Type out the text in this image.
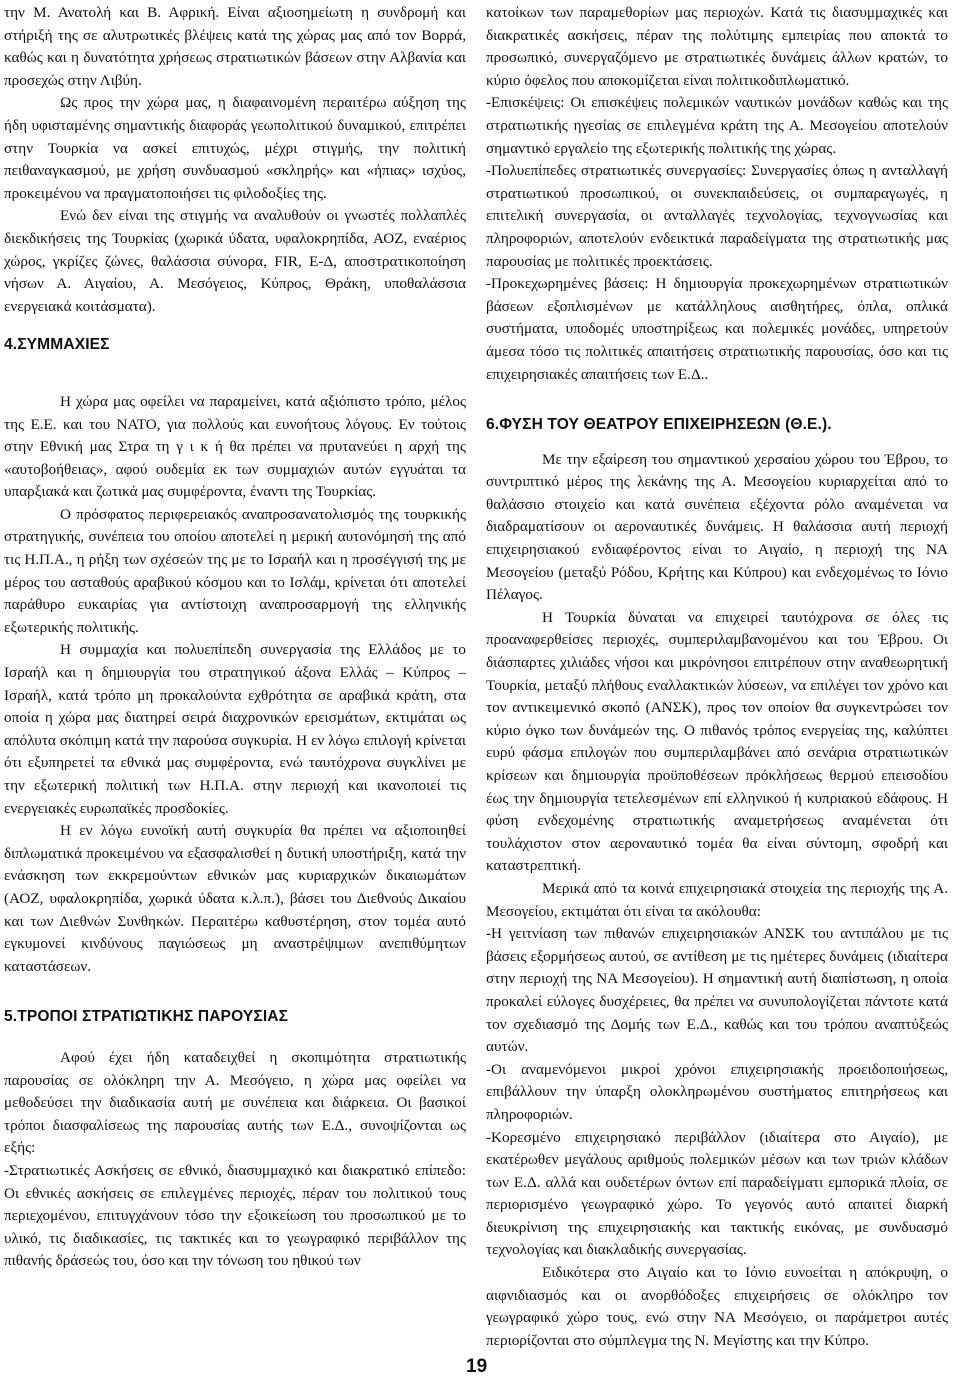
την Μ. Ανατολή και Β. Αφρική. Είναι αξιοσημείωτη η συνδρομή και στήριξή της σε αλυτρωτικές βλέψεις κατά της χώρας μας από τον Βορρά, καθώς και η δυνατότητα χρήσεως στρατιωτικών βάσεων στην Αλβανία και προσεχώς στην Λιβύη.

Ως προς την χώρα μας, η διαφαινομένη περαιτέρω αύξηση της ήδη υφισταμένης σημαντικής διαφοράς γεωπολιτικού δυναμικού, επιτρέπει στην Τουρκία να ασκεί επιτυχώς, μέχρι στιγμής, την πολιτική πειθαναγκασμού, με χρήση συνδυασμού «σκληρής» και «ήπιας» ισχύος, προκειμένου να πραγματοποιήσει τις φιλοδοξίες της.

Ενώ δεν είναι της στιγμής να αναλυθούν οι γνωστές πολλαπλές διεκδικήσεις της Τουρκίας (χωρικά ύδατα, υφαλοκρηπίδα, ΑΟΖ, εναέριος χώρος, γκρίζες ζώνες, θαλάσσια σύνορα, FIR, Ε-Δ, αποστρατικοποίηση νήσων Α. Αιγαίου, Α. Μεσόγειος, Κύπρος, Θράκη, υποθαλάσσια ενεργειακά κοιτάσματα).

4.ΣΥΜΜΑΧΙΕΣ

Η χώρα μας οφείλει να παραμείνει, κατά αξιόπιστο τρόπο, μέλος της Ε.Ε. και του ΝΑΤΟ, για πολλούς και ευνοήτους λόγους. Εν τούτοις στην Εθνική μας Στρα τη γ ι κ ή θα πρέπει να πρυτανεύει η αρχή της «αυτοβοήθειας», αφού ουδεμία εκ των συμμαχιών αυτών εγγυάται τα υπαρξιακά και ζωτικά μας συμφέροντα, έναντι της Τουρκίας.

Ο πρόσφατος περιφερειακός αναπροσανατολισμός της τουρκικής στρατηγικής, συνέπεια του οποίου αποτελεί η μερική αυτονόμησή της από τις Η.Π.Α., η ρήξη των σχέσεών της με το Ισραήλ και η προσέγγισή της με μέρος του ασταθούς αραβικού κόσμου και το Ισλάμ, κρίνεται ότι αποτελεί παράθυρο ευκαιρίας για αντίστοιχη αναπροσαρμογή της ελληνικής εξωτερικής πολιτικής.

Η συμμαχία και πολυεπίπεδη συνεργασία της Ελλάδος με το Ισραήλ και η δημιουργία του στρατηγικού άξονα Ελλάς – Κύπρος – Ισραήλ, κατά τρόπο μη προκαλούντα εχθρότητα σε αραβικά κράτη, στα οποία η χώρα μας διατηρεί σειρά διαχρονικών ερεισμάτων, εκτιμάται ως απόλυτα σκόπιμη κατά την παρούσα συγκυρία. Η εν λόγω επιλογή κρίνεται ότι εξυπηρετεί τα εθνικά μας συμφέροντα, ενώ ταυτόχρονα συγκλίνει με την εξωτερική πολιτική των Η.Π.Α. στην περιοχή και ικανοποιεί τις ενεργειακές ευρωπαϊκές προσδοκίες.

Η εν λόγω ευνοϊκή αυτή συγκυρία θα πρέπει να αξιοποιηθεί διπλωματικά προκειμένου να εξασφαλισθεί η δυτική υποστήριξη, κατά την ενάσκηση των εκκρεμούντων εθνικών μας κυριαρχικών δικαιωμάτων (ΑΟΖ, υφαλοκρηπίδα, χωρικά ύδατα κ.λ.π.), βάσει του Διεθνούς Δικαίου και των Διεθνών Συνθηκών. Περαιτέρω καθυστέρηση, στον τομέα αυτό εγκυμονεί κινδύνους παγιώσεως μη αναστρέψιμων ανεπιθύμητων καταστάσεων.

5.ΤΡΟΠΟΙ ΣΤΡΑΤΙΩΤΙΚΗΣ ΠΑΡΟΥΣΙΑΣ

Αφού έχει ήδη καταδειχθεί η σκοπιμότητα στρατιωτικής παρουσίας σε ολόκληρη την Α. Μεσόγειο, η χώρα μας οφείλει να μεθοδεύσει την διαδικασία αυτή με συνέπεια και διάρκεια. Οι βασικοί τρόποι διασφαλίσεως της παρουσίας αυτής των Ε.Δ., συνοψίζονται ως εξής:

-Στρατιωτικές Ασκήσεις σε εθνικό, διασυμμαχικό και διακρατικό επίπεδο: Οι εθνικές ασκήσεις σε επιλεγμένες περιοχές, πέραν του πολιτικού τους περιεχομένου, επιτυγχάνουν τόσο την εξοικείωση του προσωπικού με το υλικό, τις διαδικασίες, τις τακτικές και το γεωγραφικό περιβάλλον της πιθανής δράσεώς του, όσο και την τόνωση του ηθικού των

κατοίκων των παραμεθορίων μας περιοχών. Κατά τις διασυμμαχικές και διακρατικές ασκήσεις, πέραν της πολύτιμης εμπειρίας που αποκτά το προσωπικό, συνεργαζόμενο με στρατιωτικές δυνάμεις άλλων κρατών, το κύριο όφελος που αποκομίζεται είναι πολιτικοδιπλωματικό.

-Επισκέψεις: Οι επισκέψεις πολεμικών ναυτικών μονάδων καθώς και της στρατιωτικής ηγεσίας σε επιλεγμένα κράτη της Α. Μεσογείου αποτελούν σημαντικό εργαλείο της εξωτερικής πολιτικής της χώρας.

-Πολυεπίπεδες στρατιωτικές συνεργασίες: Συνεργασίες όπως η ανταλλαγή στρατιωτικού προσωπικού, οι συνεκπαιδεύσεις, οι συμπαραγωγές, η επιτελική συνεργασία, οι ανταλλαγές τεχνολογίας, τεχνογνωσίας και πληροφοριών, αποτελούν ενδεικτικά παραδείγματα της στρατιωτικής μας παρουσίας με πολιτικές προεκτάσεις.

-Προκεχωρημένες βάσεις: Η δημιουργία προκεχωρημένων στρατιωτικών βάσεων εξοπλισμένων με κατάλληλους αισθητήρες, όπλα, οπλικά συστήματα, υποδομές υποστηρίξεως και πολεμικές μονάδες, υπηρετούν άμεσα τόσο τις πολιτικές απαιτήσεις στρατιωτικής παρουσίας, όσο και τις επιχειρησιακές απαιτήσεις των Ε.Δ..

6.ΦΥΣΗ ΤΟΥ ΘΕΑΤΡΟΥ ΕΠΙΧΕΙΡΗΣΕΩΝ (Θ.Ε.).

Με την εξαίρεση του σημαντικού χερσαίου χώρου του Έβρου, το συντριπτικό μέρος της λεκάνης της Α. Μεσογείου κυριαρχείται από το θαλάσσιο στοιχείο και κατά συνέπεια εξέχοντα ρόλο αναμένεται να διαδραματίσουν οι αεροναυτικές δυνάμεις. Η θαλάσσια αυτή περιοχή επιχειρησιακού ενδιαφέροντος είναι το Αιγαίο, η περιοχή της ΝΑ Μεσογείου (μεταξύ Ρόδου, Κρήτης και Κύπρου) και ενδεχομένως το Ιόνιο Πέλαγος.

Η Τουρκία δύναται να επιχειρεί ταυτόχρονα σε όλες τις προαναφερθείσες περιοχές, συμπεριλαμβανομένου και του Έβρου. Οι διάσπαρτες χιλιάδες νήσοι και μικρόνησοι επιτρέπουν στην αναθεωρητική Τουρκία, μεταξύ πλήθους εναλλακτικών λύσεων, να επιλέγει τον χρόνο και τον αντικειμενικό σκοπό (ΑΝΣΚ), προς τον οποίον θα συγκεντρώσει τον κύριο όγκο των δυνάμεών της. Ο πιθανός τρόπος ενεργείας της, καλύπτει ευρύ φάσμα επιλογών που συμπεριλαμβάνει από σενάρια στρατιωτικών κρίσεων και δημιουργία προϋποθέσεων πρόκλήσεως θερμού επεισοδίου έως την δημιουργία τετελεσμένων επί ελληνικού ή κυπριακού εδάφους. Η φύση ενδεχομένης στρατιωτικής αναμετρήσεως αναμένεται ότι τουλάχιστον στον αεροναυτικό τομέα θα είναι σύντομη, σφοδρή και καταστρεπτική.

Μερικά από τα κοινά επιχειρησιακά στοιχεία της περιοχής της Α. Μεσογείου, εκτιμάται ότι είναι τα ακόλουθα:

-Η γειτνίαση των πιθανών επιχειρησιακών ΑΝΣΚ του αντιπάλου με τις βάσεις εξορμήσεως αυτού, σε αντίθεση με τις ημέτερες δυνάμεις (ιδιαίτερα στην περιοχή της ΝΑ Μεσογείου). Η σημαντική αυτή διαπίστωση, η οποία προκαλεί εύλογες δυσχέρειες, θα πρέπει να συνυπολογίζεται πάντοτε κατά τον σχεδιασμό της Δομής των Ε.Δ., καθώς και του τρόπου αναπτύξεώς αυτών.

-Οι αναμενόμενοι μικροί χρόνοι επιχειρησιακής προειδοποιήσεως, επιβάλλουν την ύπαρξη ολοκληρωμένου συστήματος επιτηρήσεως και πληροφοριών.

-Κορεσμένο επιχειρησιακό περιβάλλον (ιδιαίτερα στο Αιγαίο), με εκατέρωθεν μεγάλους αριθμούς πολεμικών μέσων και των τριών κλάδων των Ε.Δ. αλλά και ουδετέρων όντων επί παραδείγματι εμπορικά πλοία, σε περιορισμένο γεωγραφικό χώρο. Το γεγονός αυτό απαιτεί διαρκή διευκρίνιση της επιχειρησιακής και τακτικής εικόνας, με συνδυασμό τεχνολογίας και διακλαδικής συνεργασίας.

Ειδικότερα στο Αιγαίο και το Ιόνιο ευνοείται η απόκρυψη, ο αιφνιδιασμός και οι ανορθόδοξες επιχειρήσεις σε ολόκληρο τον γεωγραφικό χώρο τους, ενώ στην ΝΑ Μεσόγειο, οι παράμετροι αυτές περιορίζονται στο σύμπλεγμα της Ν. Μεγίστης και την Κύπρο.

19
